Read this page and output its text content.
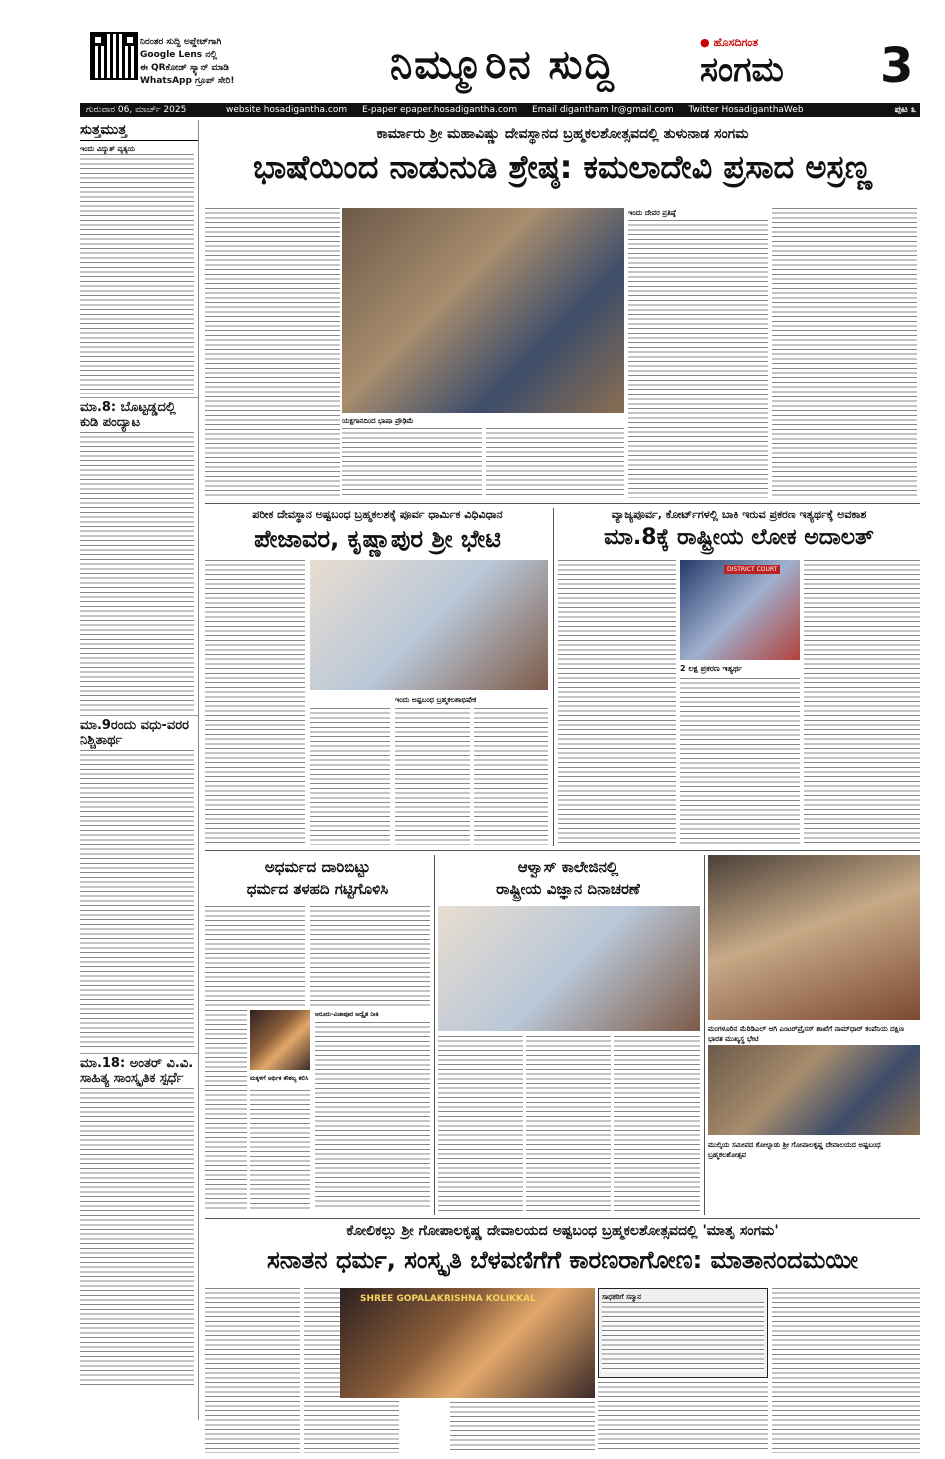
ನಿರಂತರ ಸುದ್ದಿ ಅಪ್ಡೇಟ್‌ಗಾಗಿ
Google Lens ನಲ್ಲಿ
ಈ QRಕೋಡ್ ಸ್ಕ್ಯಾನ್ ಮಾಡಿ
WhatsApp ಗ್ರೂಪ್ ಸೇರಿ!	ನಿಮ್ಮೂರಿನ ಸುದ್ದಿ	● ಹೊಸದಿಗಂತ
ಸಂಗಮ 3
ಗುರುವಾರ 06, ಮಾರ್ಚ್ 2025	website hosadigantha.com E-paper epaper.hosadigantha.com Email digantham lr@gmail.com Twitter HosadiganthaWeb	ಪುಟ ೩
ಸುತ್ತಮುತ್ತ
ಇಂದು ವಿದ್ಯುತ್ ವ್ಯತ್ಯಯ
ಮಾ.8: ಬೊಟ್ಟಡ್ಡದಲ್ಲಿ ಕುಡಿ ಪಂದ್ಯಾಟ
ಮಾ.9ರಂದು ವಧು-ವರರ ನಿಶ್ಚಿತಾರ್ಥ
ಮಾ.18: ಅಂತರ್ ವಿ.ವಿ. ಸಾಹಿತ್ಯ ಸಾಂಸ್ಕೃತಿಕ ಸ್ಪರ್ಧೆ
ಕಾರ್ಮಾರು ಶ್ರೀ ಮಹಾವಿಷ್ಣು ದೇವಸ್ಥಾನದ ಬ್ರಹ್ಮಕಲಶೋತ್ಸವದಲ್ಲಿ ತುಳುನಾಡ ಸಂಗಮ
ಭಾಷೆಯಿಂದ ನಾಡುನುಡಿ ಶ್ರೇಷ್ಠ: ಕಮಲಾದೇವಿ ಪ್ರಸಾದ ಅಸ್ರಣ್ಣ
ಯಕ್ಷಗಾನದಿಂದ ಭಾಷಾ ಪ್ರೌಢಿಮೆ
ಇಂದು ದೇವರ ಪ್ರತಿಷ್ಠೆ
ಪರೀಕ ದೇವಸ್ಥಾನ ಅಷ್ಟಬಂಧ ಬ್ರಹ್ಮಕಲಶಕ್ಕೆ ಪೂರ್ವ ಧಾರ್ಮಿಕ ವಿಧಿವಿಧಾನ
ಪೇಜಾವರ, ಕೃಷ್ಣಾಪುರ ಶ್ರೀ ಭೇಟಿ
ಇಂದು ಅಷ್ಟಬಂಧ ಬ್ರಹ್ಮಕಲಶಾಭಿಷೇಕ
ವ್ಯಾಜ್ಯಪೂರ್ವ, ಕೋರ್ಟ್‌ಗಳಲ್ಲಿ ಬಾಕಿ ಇರುವ ಪ್ರಕರಣ ಇತ್ಯರ್ಥಕ್ಕೆ ಅವಕಾಶ
ಮಾ.8ಕ್ಕೆ ರಾಷ್ಟ್ರೀಯ ಲೋಕ ಅದಾಲತ್
DISTRICT COURT
2 ಲಕ್ಷ ಪ್ರಕರಣ ಇತ್ಯರ್ಥ
ಅಧರ್ಮದ ದಾರಿಬಿಟ್ಟು
ಧರ್ಮದ ತಳಹದಿ ಗಟ್ಟಿಗೊಳಿಸಿ
ಮಕ್ಕಳಿಗೆ ಆರ್ಥಿಕ ಕೌಶಲ್ಯ ಕಲಿಸಿ
ಆರೂರು-ವಿಜಾಪೂರ ಅದ್ವೈತ ನೀತಿ
ಆಳ್ವಾಸ್ ಕಾಲೇಜಿನಲ್ಲಿ
ರಾಷ್ಟ್ರೀಯ ವಿಜ್ಞಾನ ದಿನಾಚರಣೆ
ಮಂಗಳೂರಿನ ಮೆರಿಡಿಎಲ್ ಆಗಿ ಎಂಟರ್‌ಪ್ರೈಸಸ್ ಶಾಖೆಗೆ ನಾಮ್‌ಧಾರ್ ಕಂಪೆನಿಯ ದಕ್ಷಿಣ ಭಾರತ ಮುಖ್ಯಸ್ಥ ಭೇಟಿ
ಮುಲ್ಕಿಯ ಸಮೀಪದ ಕೋಲ್ನಾಡು ಶ್ರೀ ಗೋಪಾಲಕೃಷ್ಣ ದೇವಾಲಯದ ಅಷ್ಟಬಂಧ ಬ್ರಹ್ಮಕಲಶೋತ್ಸವ
ಕೋಲಿಕಲ್ಲು ಶ್ರೀ ಗೋಪಾಲಕೃಷ್ಣ ದೇವಾಲಯದ ಅಷ್ಟಬಂಧ ಬ್ರಹ್ಮಕಲಶೋತ್ಸವದಲ್ಲಿ 'ಮಾತೃ ಸಂಗಮ'
ಸನಾತನ ಧರ್ಮ, ಸಂಸ್ಕೃತಿ ಬೆಳವಣಿಗೆಗೆ ಕಾರಣರಾಗೋಣ: ಮಾತಾನಂದಮಯೀ
SHREE GOPALAKRISHNA KOLIKKAL	ಸಾಧಕರಿಗೆ ಸನ್ಮಾನ
